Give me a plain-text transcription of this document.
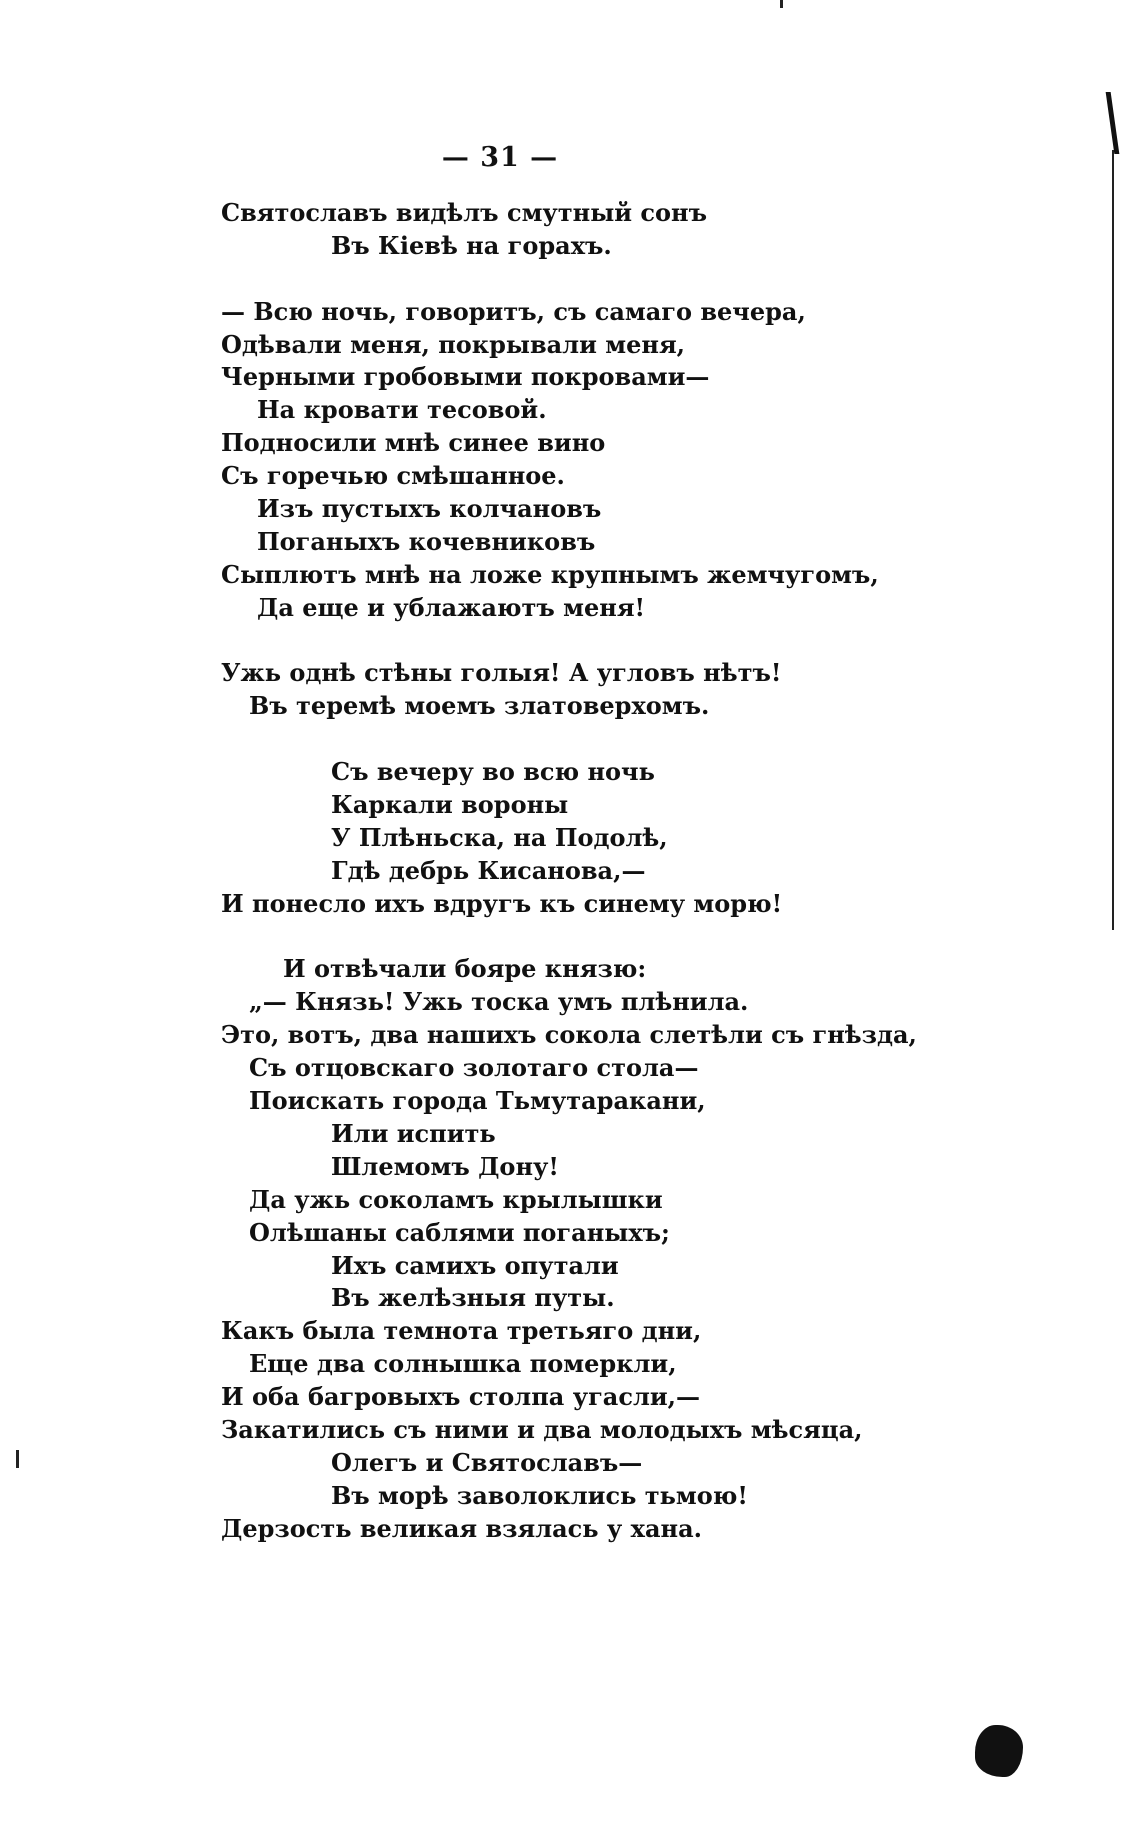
— 31 —
Святославъ видѣлъ смутный сонъ
Въ Кіевѣ на горахъ.
— Всю ночь, говоритъ, съ самаго вечера,
Одѣвали меня, покрывали меня,
Черными гробовыми покровами—
На кровати тесовой.
Подносили мнѣ синее вино
Съ горечью смѣшанное.
Изъ пустыхъ колчановъ
Поганыхъ кочевниковъ
Сыплютъ мнѣ на ложе крупнымъ жемчугомъ,
Да еще и ублажаютъ меня!
Ужь однѣ стѣны голыя! А угловъ нѣтъ!
Въ теремѣ моемъ златоверхомъ.
Съ вечеру во всю ночь
Каркали вороны
У Плѣньска, на Подолѣ,
Гдѣ дебрь Кисанова,—
И понесло ихъ вдругъ къ синему морю!
И отвѣчали бояре князю:
„— Князь! Ужь тоска умъ плѣнила.
Это, вотъ, два нашихъ сокола слетѣли съ гнѣзда,
Съ отцовскаго золотаго стола—
Поискать города Тьмутаракани,
Или испить
Шлемомъ Дону!
Да ужь соколамъ крылышки
Олѣшаны саблями поганыхъ;
Ихъ самихъ опутали
Въ желѣзныя путы.
Какъ была темнота третьяго дни,
Еще два солнышка померкли,
И оба багровыхъ столпа угасли,—
Закатились съ ними и два молодыхъ мѣсяца,
Олегъ и Святославъ—
Въ морѣ заволоклись тьмою!
Дерзость великая взялась у хана.
